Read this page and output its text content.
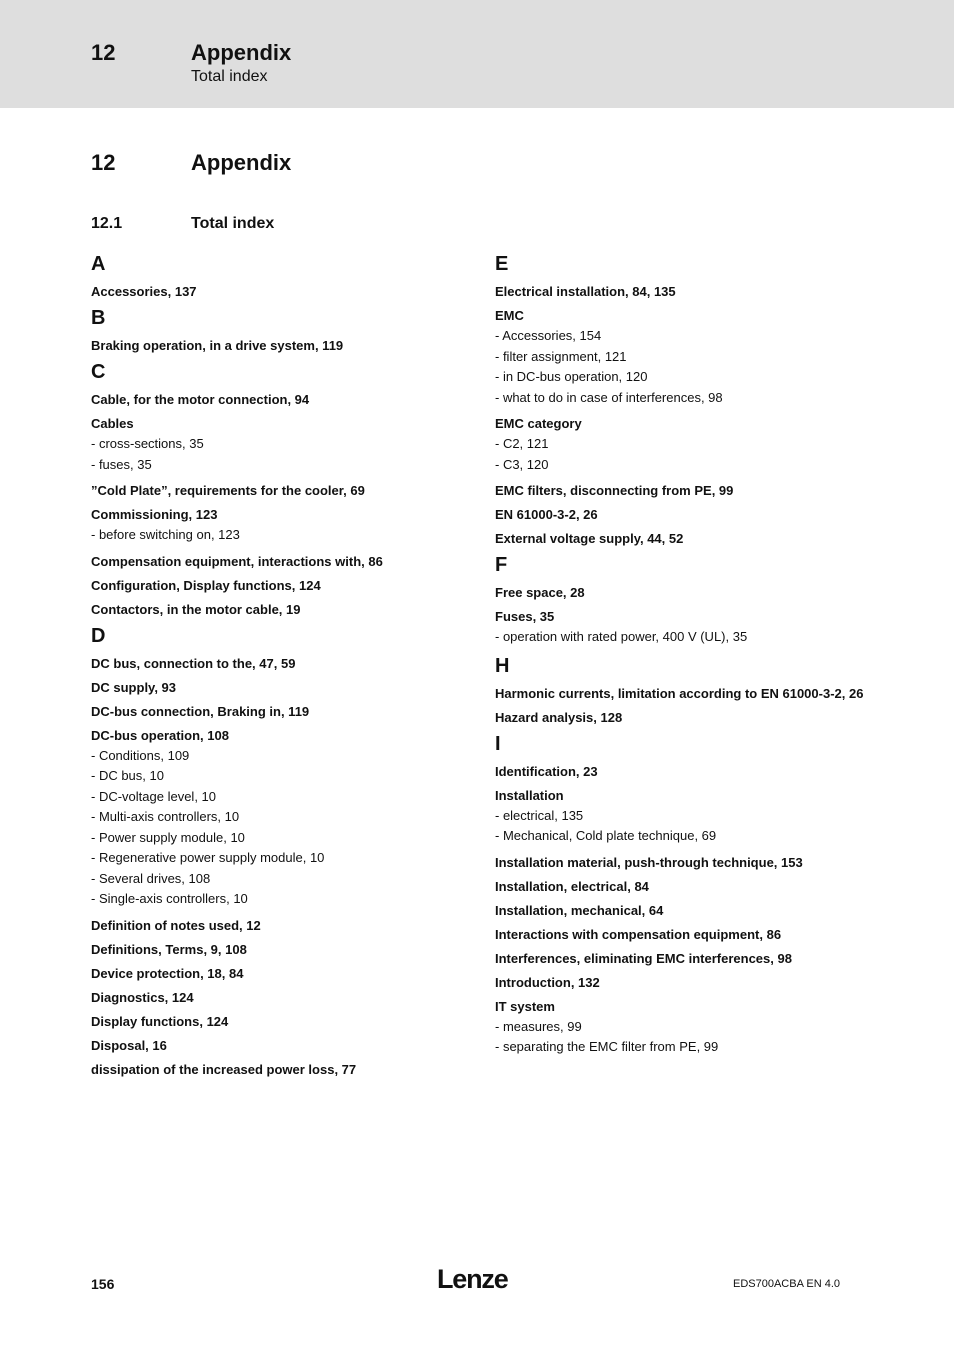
12	Appendix
Total index
12	Appendix
12.1	Total index
A
Accessories, 137
B
Braking operation, in a drive system, 119
C
Cable, for the motor connection, 94
Cables
- cross-sections, 35
- fuses, 35
”Cold Plate”, requirements for the cooler, 69
Commissioning, 123
- before switching on, 123
Compensation equipment, interactions with, 86
Configuration, Display functions, 124
Contactors, in the motor cable, 19
D
DC bus, connection to the, 47, 59
DC supply, 93
DC-bus connection, Braking in, 119
DC-bus operation, 108
- Conditions, 109
- DC bus, 10
- DC-voltage level, 10
- Multi-axis controllers, 10
- Power supply module, 10
- Regenerative power supply module, 10
- Several drives, 108
- Single-axis controllers, 10
Definition of notes used, 12
Definitions, Terms, 9, 108
Device protection, 18, 84
Diagnostics, 124
Display functions, 124
Disposal, 16
dissipation of the increased power loss, 77
E
Electrical installation, 84, 135
EMC
- Accessories, 154
- filter assignment, 121
- in DC-bus operation, 120
- what to do in case of interferences, 98
EMC category
- C2, 121
- C3, 120
EMC filters, disconnecting from PE, 99
EN 61000-3-2, 26
External voltage supply, 44, 52
F
Free space, 28
Fuses, 35
- operation with rated power, 400 V (UL), 35
H
Harmonic currents, limitation according to EN 61000-3-2, 26
Hazard analysis, 128
I
Identification, 23
Installation
- electrical, 135
- Mechanical, Cold plate technique, 69
Installation material, push-through technique, 153
Installation, electrical, 84
Installation, mechanical, 64
Interactions with compensation equipment, 86
Interferences, eliminating EMC interferences, 98
Introduction, 132
IT system
- measures, 99
- separating the EMC filter from PE, 99
156	Lenze	EDS700ACBA EN 4.0
